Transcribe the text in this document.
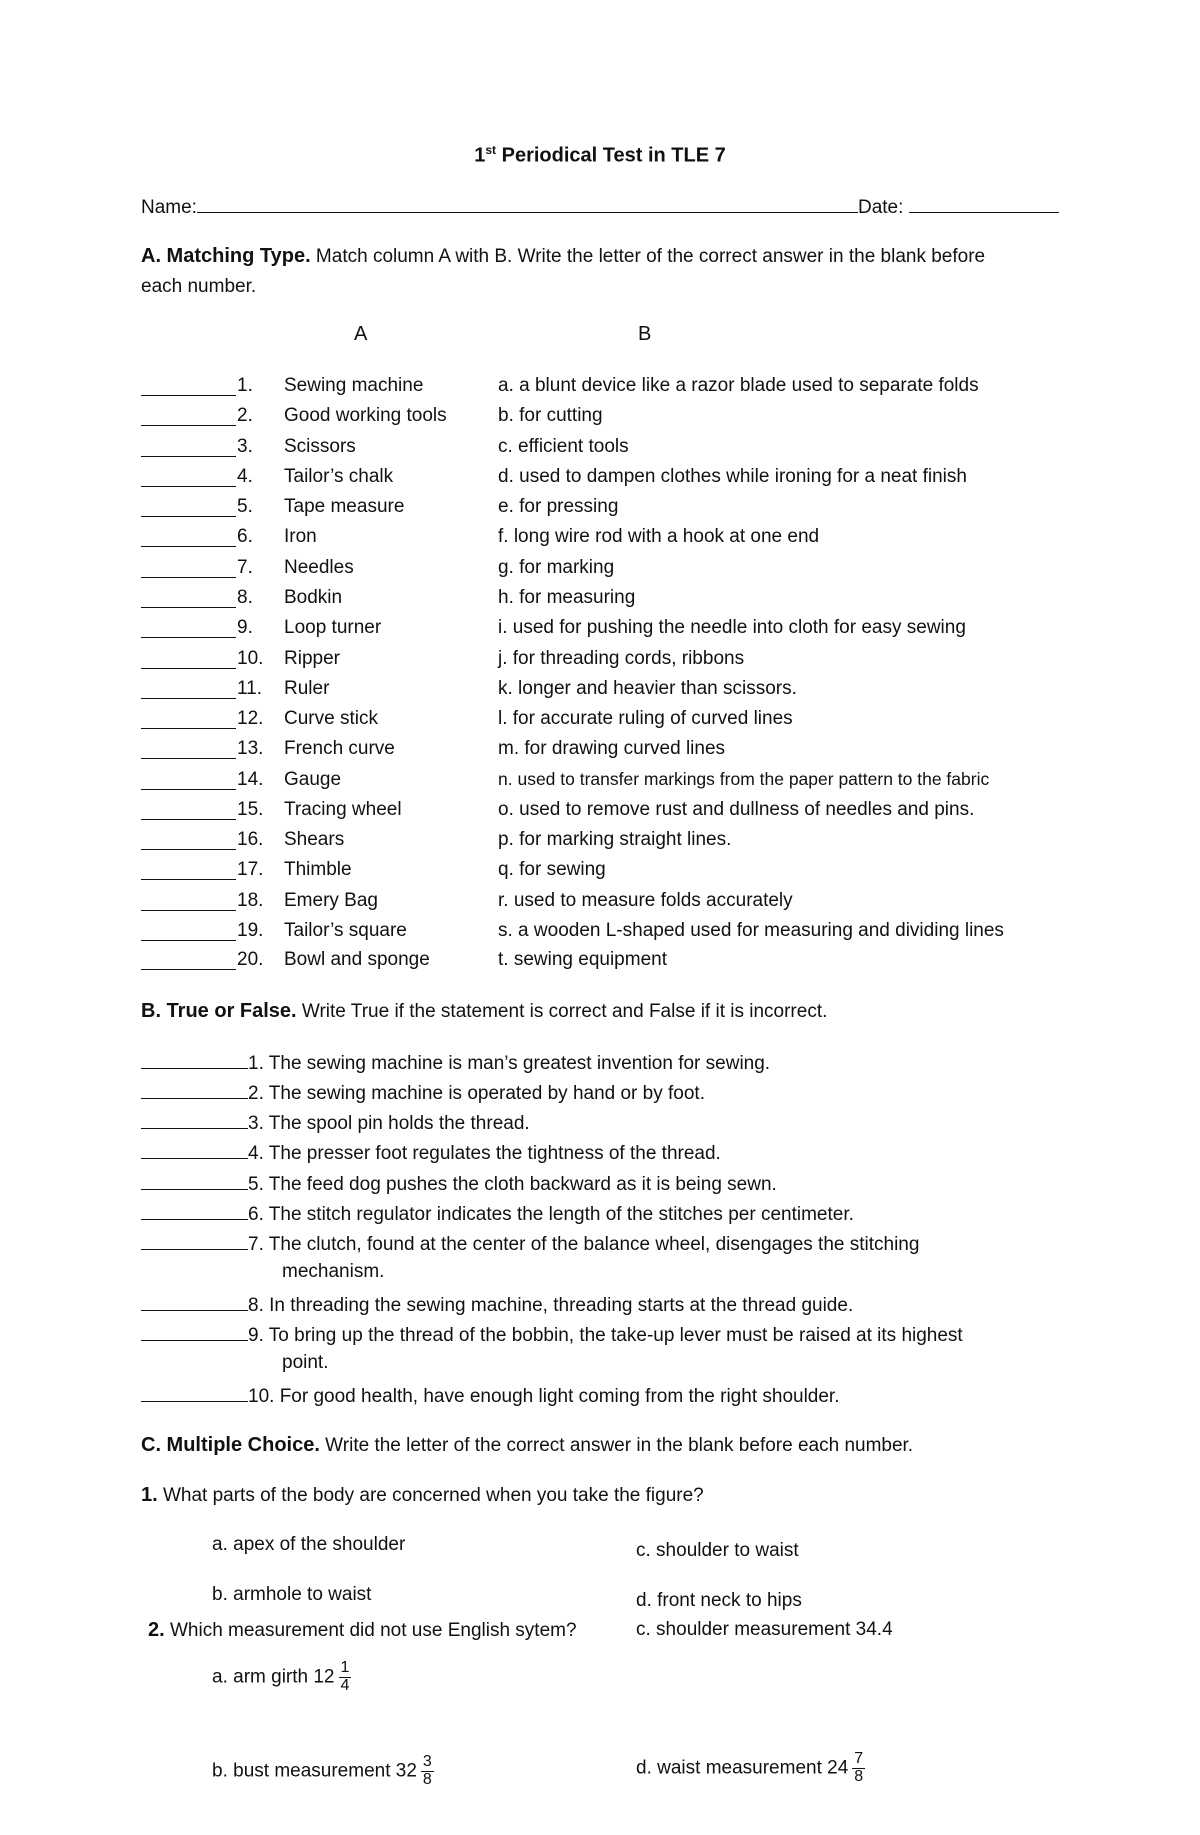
1st Periodical Test in TLE 7
Name:	Date:
A. Matching Type. Match column A with B. Write the letter of the correct answer in the blank before
each number.
A	B
1. Sewing machine	a. a blunt device like a razor blade used to separate folds
2. Good working tools	b. for cutting
3. Scissors	c. efficient tools
4. Tailor’s chalk	d. used to dampen clothes while ironing for a neat finish
5. Tape measure	e. for pressing
6. Iron	f. long wire rod with a hook at one end
7. Needles	g. for marking
8. Bodkin	h. for measuring
9. Loop turner	i. used for pushing the needle into cloth for easy sewing
10. Ripper	j. for threading cords, ribbons
11. Ruler	k. longer and heavier than scissors.
12. Curve stick	l. for accurate ruling of curved lines
13. French curve	m. for drawing curved lines
14. Gauge	n. used to transfer markings from the paper pattern to the fabric
15. Tracing wheel	o. used to remove rust and dullness of needles and pins.
16. Shears	p. for marking straight lines.
17. Thimble	q. for sewing
18. Emery Bag	r. used to measure folds accurately
19. Tailor’s square	s. a wooden L-shaped used for measuring and dividing lines
20. Bowl and sponge	t. sewing equipment
B. True or False. Write True if the statement is correct and False if it is incorrect.
1. The sewing machine is man’s greatest invention for sewing.
2. The sewing machine is operated by hand or by foot.
3. The spool pin holds the thread.
4. The presser foot regulates the tightness of the thread.
5. The feed dog pushes the cloth backward as it is being sewn.
6. The stitch regulator indicates the length of the stitches per centimeter.
7. The clutch, found at the center of the balance wheel, disengages the stitching
mechanism.
8. In threading the sewing machine, threading starts at the thread guide.
9. To bring up the thread of the bobbin, the take-up lever must be raised at its highest
point.
10. For good health, have enough light coming from the right shoulder.
C. Multiple Choice. Write the letter of the correct answer in the blank before each number.
1. What parts of the body are concerned when you take the figure?
a. apex of the shoulder	c. shoulder to waist
b. armhole to waist	d. front neck to hips
2. Which measurement did not use English sytem?	c. shoulder measurement 34.4
a. arm girth $12 \frac{1}{4}$
b. bust measurement $32 \frac{3}{8}$	d. waist measurement $24 \frac{7}{8}$
